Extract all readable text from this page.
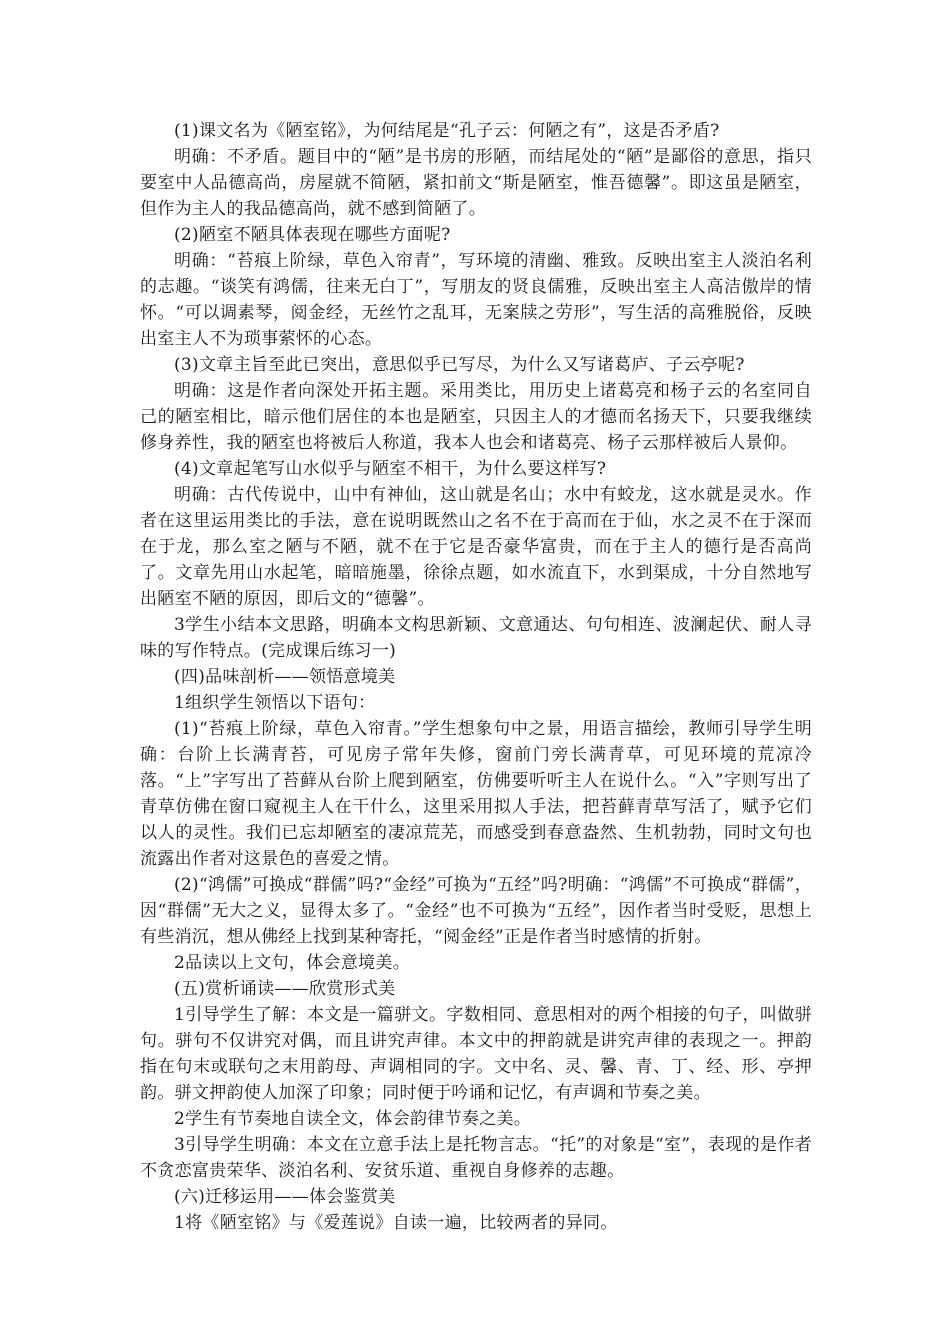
(1)课文名为《陋室铭》，为何结尾是“孔子云：何陋之有”，这是否矛盾?

明确：不矛盾。题目中的“陋”是书房的形陋，而结尾处的“陋”是鄙俗的意思，指只要室中人品德高尚，房屋就不简陋，紧扣前文“斯是陋室，惟吾德馨”。即这虽是陋室，但作为主人的我品德高尚，就不感到简陋了。

(2)陋室不陋具体表现在哪些方面呢?

明确：“苔痕上阶绿，草色入帘青”，写环境的清幽、雅致。反映出室主人淡泊名利的志趣。“谈笑有鸿儒，往来无白丁”，写朋友的贤良儒雅，反映出室主人高洁傲岸的情怀。“可以调素琴，阅金经，无丝竹之乱耳，无案牍之劳形”，写生活的高雅脱俗，反映出室主人不为琐事萦怀的心态。

(3)文章主旨至此已突出，意思似乎已写尽，为什么又写诸葛庐、子云亭呢?

明确：这是作者向深处开拓主题。采用类比，用历史上诸葛亮和杨子云的名室同自己的陋室相比，暗示他们居住的本也是陋室，只因主人的才德而名扬天下，只要我继续修身养性，我的陋室也将被后人称道，我本人也会和诸葛亮、杨子云那样被后人景仰。

(4)文章起笔写山水似乎与陋室不相干，为什么要这样写?

明确：古代传说中，山中有神仙，这山就是名山；水中有蛟龙，这水就是灵水。作者在这里运用类比的手法，意在说明既然山之名不在于高而在于仙，水之灵不在于深而在于龙，那么室之陋与不陋，就不在于它是否豪华富贵，而在于主人的德行是否高尚了。文章先用山水起笔，暗暗施墨，徐徐点题，如水流直下，水到渠成，十分自然地写出陋室不陋的原因，即后文的“德馨”。

3学生小结本文思路，明确本文构思新颖、文意通达、句句相连、波澜起伏、耐人寻味的写作特点。(完成课后练习一)

(四)品味剖析——领悟意境美

1组织学生领悟以下语句：

(1)“苔痕上阶绿，草色入帘青。”学生想象句中之景，用语言描绘，教师引导学生明确：台阶上长满青苔，可见房子常年失修，窗前门旁长满青草，可见环境的荒凉冷落。“上”字写出了苔藓从台阶上爬到陋室，仿佛要听听主人在说什么。“入”字则写出了青草仿佛在窗口窥视主人在干什么，这里采用拟人手法，把苔藓青草写活了，赋予它们以人的灵性。我们已忘却陋室的凄凉荒芜，而感受到春意盎然、生机勃勃，同时文句也流露出作者对这景色的喜爱之情。

(2)“鸿儒”可换成“群儒”吗?“金经”可换为“五经”吗?明确：“鸿儒”不可换成“群儒”，因“群儒”无大之义，显得太多了。“金经”也不可换为“五经”，因作者当时受贬，思想上有些消沉，想从佛经上找到某种寄托，“阅金经”正是作者当时感情的折射。

2品读以上文句，体会意境美。

(五)赏析诵读——欣赏形式美

1引导学生了解：本文是一篇骈文。字数相同、意思相对的两个相接的句子，叫做骈句。骈句不仅讲究对偶，而且讲究声律。本文中的押韵就是讲究声律的表现之一。押韵指在句末或联句之末用韵母、声调相同的字。文中名、灵、馨、青、丁、经、形、亭押韵。骈文押韵使人加深了印象；同时便于吟诵和记忆，有声调和节奏之美。

2学生有节奏地自读全文，体会韵律节奏之美。

3引导学生明确：本文在立意手法上是托物言志。“托”的对象是“室”，表现的是作者不贪恋富贵荣华、淡泊名利、安贫乐道、重视自身修养的志趣。

(六)迁移运用——体会鉴赏美

1将《陋室铭》与《爱莲说》自读一遍，比较两者的异同。
